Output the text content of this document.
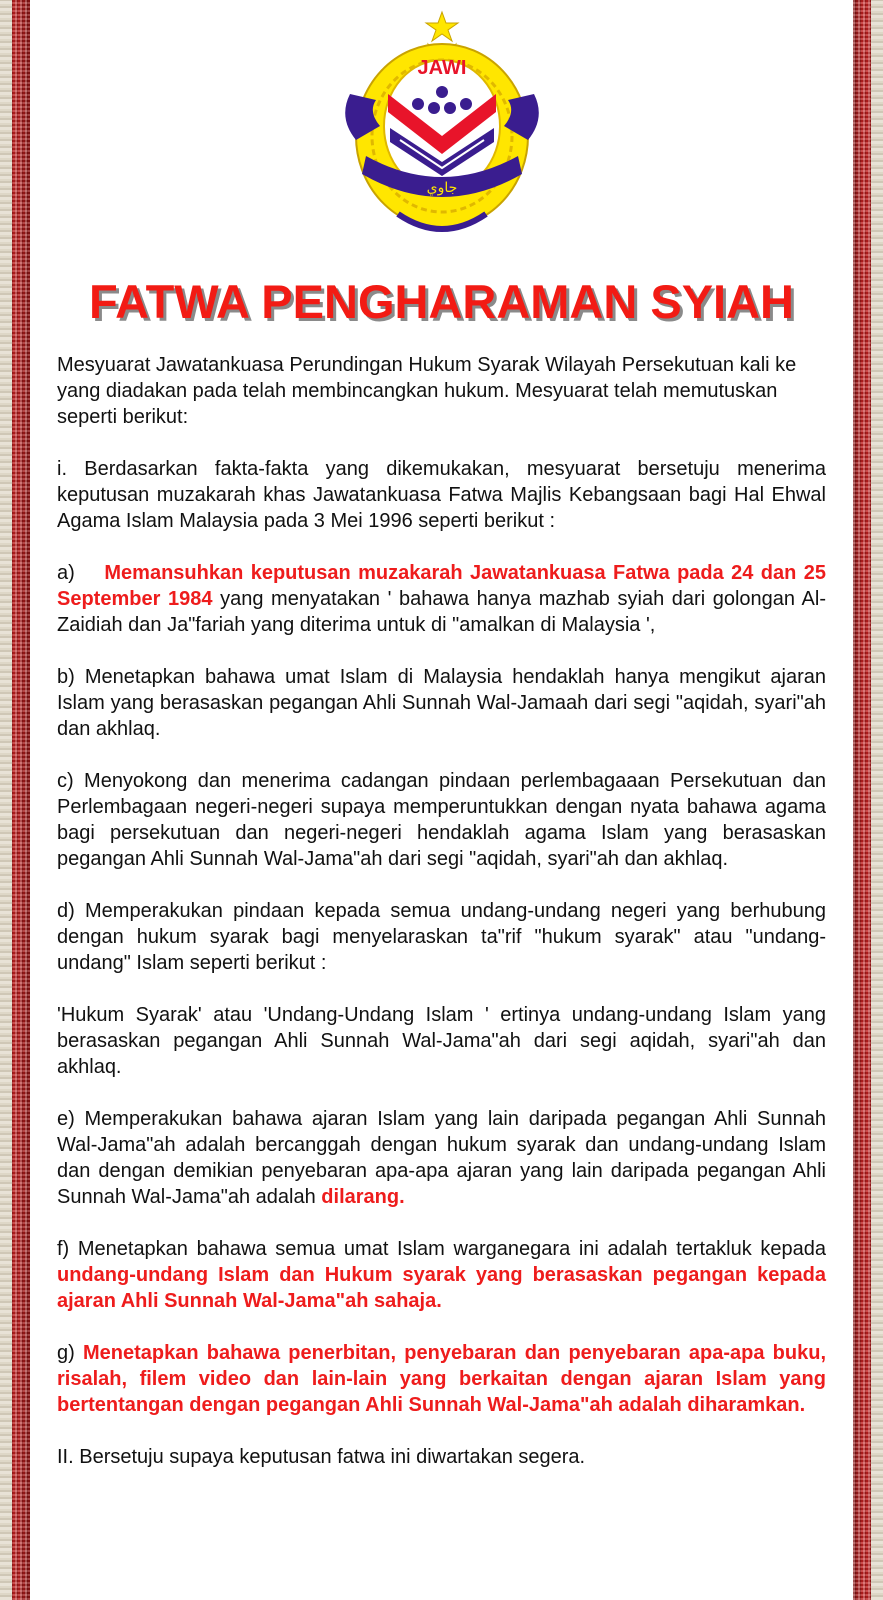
JAWI
جاوي
FATWA PENGHARAMAN SYIAH

Mesyuarat Jawatankuasa Perundingan Hukum Syarak Wilayah Persekutuan kali ke yang diadakan pada telah membincangkan hukum. Mesyuarat telah memutuskan seperti berikut:

i. Berdasarkan fakta-fakta yang dikemukakan, mesyuarat bersetuju menerima keputusan muzakarah khas Jawatankuasa Fatwa Majlis Kebangsaan bagi Hal Ehwal Agama Islam Malaysia pada 3 Mei 1996 seperti berikut :

a) Memansuhkan keputusan muzakarah Jawatankuasa Fatwa pada 24 dan 25 September 1984 yang menyatakan ' bahawa hanya mazhab syiah dari golongan Al-Zaidiah dan Ja"fariah yang diterima untuk di "amalkan di Malaysia ',

b) Menetapkan bahawa umat Islam di Malaysia hendaklah hanya mengikut ajaran Islam yang berasaskan pegangan Ahli Sunnah Wal-Jamaah dari segi "aqidah, syari"ah dan akhlaq.

c) Menyokong dan menerima cadangan pindaan perlembagaaan Persekutuan dan Perlembagaan negeri-negeri supaya memperuntukkan dengan nyata bahawa agama bagi persekutuan dan negeri-negeri hendaklah agama Islam yang berasaskan pegangan Ahli Sunnah Wal-Jama"ah dari segi "aqidah, syari"ah dan akhlaq.

d) Memperakukan pindaan kepada semua undang-undang negeri yang berhubung dengan hukum syarak bagi menyelaraskan ta"rif "hukum syarak" atau "undang-undang" Islam seperti berikut :

'Hukum Syarak' atau 'Undang-Undang Islam ' ertinya undang-undang Islam yang berasaskan pegangan Ahli Sunnah Wal-Jama"ah dari segi aqidah, syari"ah dan akhlaq.

e) Memperakukan bahawa ajaran Islam yang lain daripada pegangan Ahli Sunnah Wal-Jama"ah adalah bercanggah dengan hukum syarak dan undang-undang Islam dan dengan demikian penyebaran apa-apa ajaran yang lain daripada pegangan Ahli Sunnah Wal-Jama"ah adalah dilarang.

f) Menetapkan bahawa semua umat Islam warganegara ini adalah tertakluk kepada undang-undang Islam dan Hukum syarak yang berasaskan pegangan kepada ajaran Ahli Sunnah Wal-Jama"ah sahaja.

g) Menetapkan bahawa penerbitan, penyebaran dan penyebaran apa-apa buku, risalah, filem video dan lain-lain yang berkaitan dengan ajaran Islam yang bertentangan dengan pegangan Ahli Sunnah Wal-Jama"ah adalah diharamkan.

II. Bersetuju supaya keputusan fatwa ini diwartakan segera.
